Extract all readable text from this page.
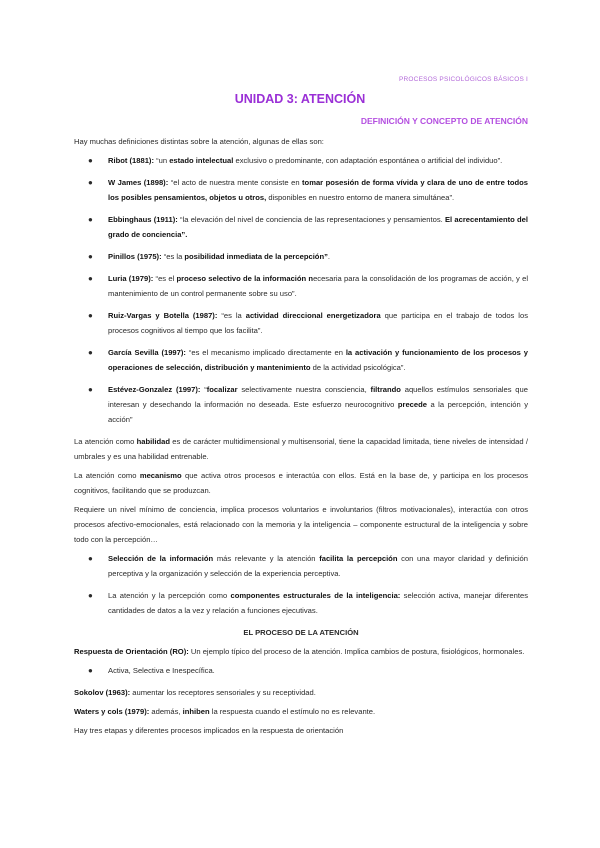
PROCESOS PSICOLÓGICOS BÁSICOS I
UNIDAD 3: ATENCIÓN
DEFINICIÓN Y CONCEPTO DE ATENCIÓN

Hay muchas definiciones distintas sobre la atención, algunas de ellas son:

● Ribot (1881): “un estado intelectual exclusivo o predominante, con adaptación espontánea o artificial del individuo”.
● W James (1898): “el acto de nuestra mente consiste en tomar posesión de forma vívida y clara de uno de entre todos los posibles pensamientos, objetos u otros, disponibles en nuestro entorno de manera simultánea”.
● Ebbinghaus (1911): “la elevación del nivel de conciencia de las representaciones y pensamientos. El acrecentamiento del grado de conciencia”.
● Pinillos (1975): “es la posibilidad inmediata de la percepción”.
● Luria (1979): “es el proceso selectivo de la información necesaria para la consolidación de los programas de acción, y el mantenimiento de un control permanente sobre su uso”.
● Ruiz-Vargas y Botella (1987): “es la actividad direccional energetizadora que participa en el trabajo de todos los procesos cognitivos al tiempo que los facilita”.
● García Sevilla (1997): “es el mecanismo implicado directamente en la activación y funcionamiento de los procesos y operaciones de selección, distribución y mantenimiento de la actividad psicológica”.
● Estévez-Gonzalez (1997): “focalizar selectivamente nuestra consciencia, filtrando aquellos estímulos sensoriales que interesan y desechando la información no deseada. Este esfuerzo neurocognitivo precede a la percepción, intención y acción”

La atención como habilidad es de carácter multidimensional y multisensorial, tiene la capacidad limitada, tiene niveles de intensidad / umbrales y es una habilidad entrenable.

La atención como mecanismo que activa otros procesos e interactúa con ellos. Está en la base de, y participa en los procesos cognitivos, facilitando que se produzcan.

Requiere un nivel mínimo de conciencia, implica procesos voluntarios e involuntarios (filtros motivacionales), interactúa con otros procesos afectivo-emocionales, está relacionado con la memoria y la inteligencia – componente estructural de la inteligencia y sobre todo con la percepción…

● Selección de la información más relevante y la atención facilita la percepción con una mayor claridad y definición perceptiva y la organización y selección de la experiencia perceptiva.
● La atención y la percepción como componentes estructurales de la inteligencia: selección activa, manejar diferentes cantidades de datos a la vez y relación a funciones ejecutivas.
EL PROCESO DE LA ATENCIÓN

Respuesta de Orientación (RO): Un ejemplo típico del proceso de la atención. Implica cambios de postura, fisiológicos, hormonales.

● Activa, Selectiva e Inespecífica.

Sokolov (1963): aumentar los receptores sensoriales y su receptividad.

Waters y cols (1979): además, inhiben la respuesta cuando el estímulo no es relevante.

Hay tres etapas y diferentes procesos implicados en la respuesta de orientación
